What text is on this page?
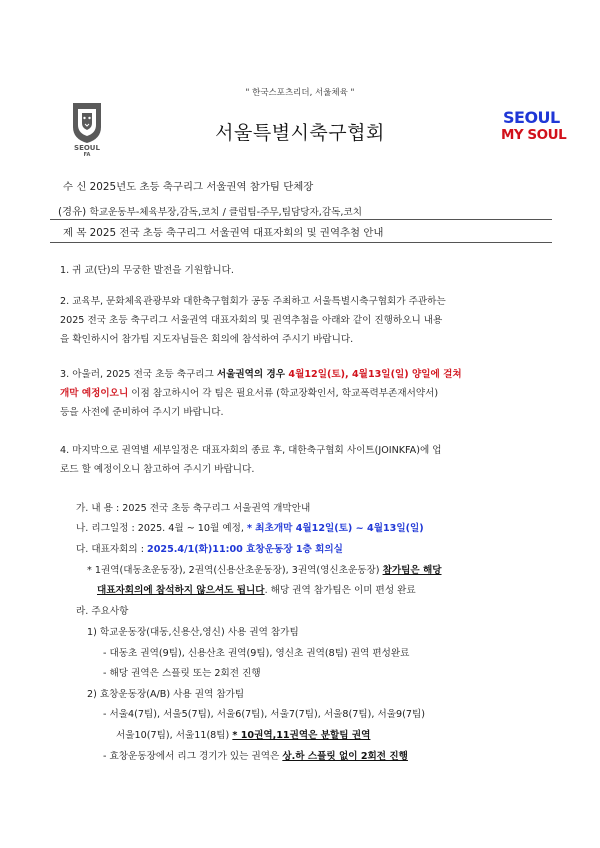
" 한국스포츠리더, 서울체육 "
SEOUL
FA
서울특별시축구협회
SEOUL
MY SOUL
수 신 2025년도 초등 축구리그 서울권역 참가팀 단체장
(경유) 학교운동부-체육부장,감독,코치 / 클럽팀-주무,팀담당자,감독,코치
제 목 2025 전국 초등 축구리그 서울권역 대표자회의 및 권역추첨 안내
1. 귀 교(단)의 무궁한 발전을 기원합니다.
2. 교육부, 문화체육관광부와 대한축구협회가 공동 주최하고 서울특별시축구협회가 주관하는
2025 전국 초등 축구리그 서울권역 대표자회의 및 권역추첨을 아래와 같이 진행하오니 내용
을 확인하시어 참가팀 지도자님들은 회의에 참석하여 주시기 바랍니다.
3. 아울러, 2025 전국 초등 축구리그 서울권역의 경우 4월12일(토), 4월13일(일) 양일에 걸쳐
개막 예정이오니 이점 참고하시어 각 팀은 필요서류 (학교장확인서, 학교폭력부존재서약서)
등을 사전에 준비하여 주시기 바랍니다.
4. 마지막으로 권역별 세부일정은 대표자회의 종료 후, 대한축구협회 사이트(JOINKFA)에 업
로드 할 예정이오니 참고하여 주시기 바랍니다.
가. 내 용 : 2025 전국 초등 축구리그 서울권역 개막안내
나. 리그일정 : 2025. 4월 ~ 10월 예정, * 최초개막 4월12일(토) ~ 4월13일(일)
다. 대표자회의 : 2025.4/1(화)11:00 효창운동장 1층 회의실
* 1권역(대동초운동장), 2권역(신용산초운동장), 3권역(영신초운동장) 참가팀은 해당
대표자회의에 참석하지 않으셔도 됩니다. 해당 권역 참가팀은 이미 편성 완료
라. 주요사항
1) 학교운동장(대동,신용산,영신) 사용 권역 참가팀
- 대동초 권역(9팀), 신용산초 권역(9팀), 영신초 권역(8팀) 권역 편성완료
- 해당 권역은 스플릿 또는 2회전 진행
2) 효창운동장(A/B) 사용 권역 참가팀
- 서울4(7팀), 서울5(7팀), 서울6(7팀), 서울7(7팀), 서울8(7팀), 서울9(7팀)
서울10(7팀), 서울11(8팀) * 10권역,11권역은 분할팀 권역
- 효창운동장에서 리그 경기가 있는 권역은 상.하 스플릿 없이 2회전 진행
